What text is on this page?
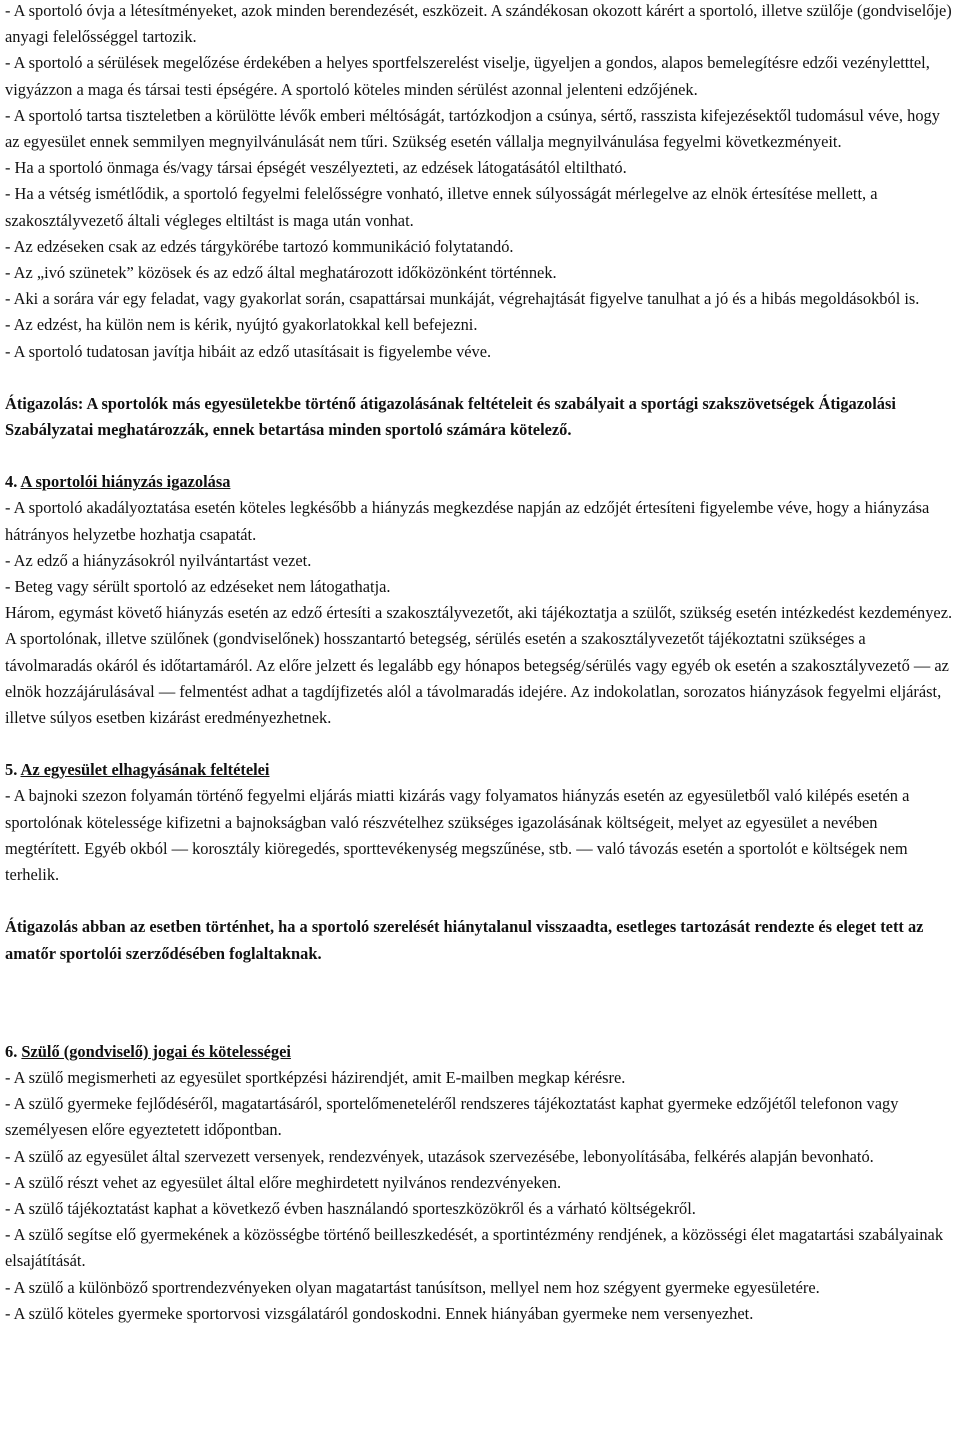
- A sportoló óvja a létesítményeket, azok minden berendezését, eszközeit. A szándékosan okozott kárért a sportoló, illetve szülője (gondviselője) anyagi felelősséggel tartozik.

- A sportoló a sérülések megelőzése érdekében a helyes sportfelszerelést viselje, ügyeljen a gondos, alapos bemelegítésre edzői vezényletttel, vigyázzon a maga és társai testi épségére. A sportoló köteles minden sérülést azonnal jelenteni edzőjének.

- A sportoló tartsa tiszteletben a körülötte lévők emberi méltóságát, tartózkodjon a csúnya, sértő, rasszista kifejezésektől tudomásul véve, hogy az egyesület ennek semmilyen megnyilvánulását nem tűri. Szükség esetén vállalja megnyilvánulása fegyelmi következményeit.

- Ha a sportoló önmaga és/vagy társai épségét veszélyezteti, az edzések látogatásától eltiltható.

- Ha a vétség ismétlődik, a sportoló fegyelmi felelősségre vonható, illetve ennek súlyosságát mérlegelve az elnök értesítése mellett, a szakosztályvezető általi végleges eltiltást is maga után vonhat.

- Az edzéseken csak az edzés tárgykörébe tartozó kommunikáció folytatandó.

- Az „ivó szünetek” közösek és az edző által meghatározott időközönként történnek.

- Aki a sorára vár egy feladat, vagy gyakorlat során, csapattársai munkáját, végrehajtását figyelve tanulhat a jó és a hibás megoldásokból is.

- Az edzést, ha külön nem is kérik, nyújtó gyakorlatokkal kell befejezni.

- A sportoló tudatosan javítja hibáit az edző utasításait is figyelembe véve.

Átigazolás: A sportolók más egyesületekbe történő átigazolásának feltételeit és szabályait a sportági szakszövetségek Átigazolási Szabályzatai meghatározzák, ennek betartása minden sportoló számára kötelező.

4. A sportolói hiányzás igazolása

- A sportoló akadályoztatása esetén köteles legkésőbb a hiányzás megkezdése napján az edzőjét értesíteni figyelembe véve, hogy a hiányzása hátrányos helyzetbe hozhatja csapatát.

- Az edző a hiányzásokról nyilvántartást vezet.

- Beteg vagy sérült sportoló az edzéseket nem látogathatja.

Három, egymást követő hiányzás esetén az edző értesíti a szakosztályvezetőt, aki tájékoztatja a szülőt, szükség esetén intézkedést kezdeményez. A sportolónak, illetve szülőnek (gondviselőnek) hosszantartó betegség, sérülés esetén a szakosztályvezetőt tájékoztatni szükséges a távolmaradás okáról és időtartamáról. Az előre jelzett és legalább egy hónapos betegség/sérülés vagy egyéb ok esetén a szakosztályvezető — az elnök hozzájárulásával — felmentést adhat a tagdíjfizetés alól a távolmaradás idejére. Az indokolatlan, sorozatos hiányzások fegyelmi eljárást, illetve súlyos esetben kizárást eredményezhetnek.

5. Az egyesület elhagyásának feltételei

- A bajnoki szezon folyamán történő fegyelmi eljárás miatti kizárás vagy folyamatos hiányzás esetén az egyesületből való kilépés esetén a sportolónak kötelessége kifizetni a bajnokságban való részvételhez szükséges igazolásának költségeit, melyet az egyesület a nevében megtérített. Egyéb okból — korosztály kiöregedés, sporttevékenység megszűnése, stb. — való távozás esetén a sportolót e költségek nem terhelik.

Átigazolás abban az esetben történhet, ha a sportoló szerelését hiánytalanul visszaadta, esetleges tartozását rendezte és eleget tett az amatőr sportolói szerződésében foglaltaknak.

6. Szülő (gondviselő) jogai és kötelességei

- A szülő megismerheti az egyesület sportképzési házirendjét, amit E-mailben megkap kérésre.

- A szülő gyermeke fejlődéséről, magatartásáról, sportelőmeneteléről rendszeres tájékoztatást kaphat gyermeke edzőjétől telefonon vagy személyesen előre egyeztetett időpontban.

- A szülő az egyesület által szervezett versenyek, rendezvények, utazások szervezésébe, lebonyolításába, felkérés alapján bevonható.

- A szülő részt vehet az egyesület által előre meghirdetett nyilvános rendezvényeken.

- A szülő tájékoztatást kaphat a következő évben használandó sporteszközökről és a várható költségekről.

- A szülő segítse elő gyermekének a közösségbe történő beilleszkedését, a sportintézmény rendjének, a közösségi élet magatartási szabályainak elsajátítását.

- A szülő a különböző sportrendezvényeken olyan magatartást tanúsítson, mellyel nem hoz szégyent gyermeke egyesületére.

- A szülő köteles gyermeke sportorvosi vizsgálatáról gondoskodni. Ennek hiányában gyermeke nem versenyezhet.
